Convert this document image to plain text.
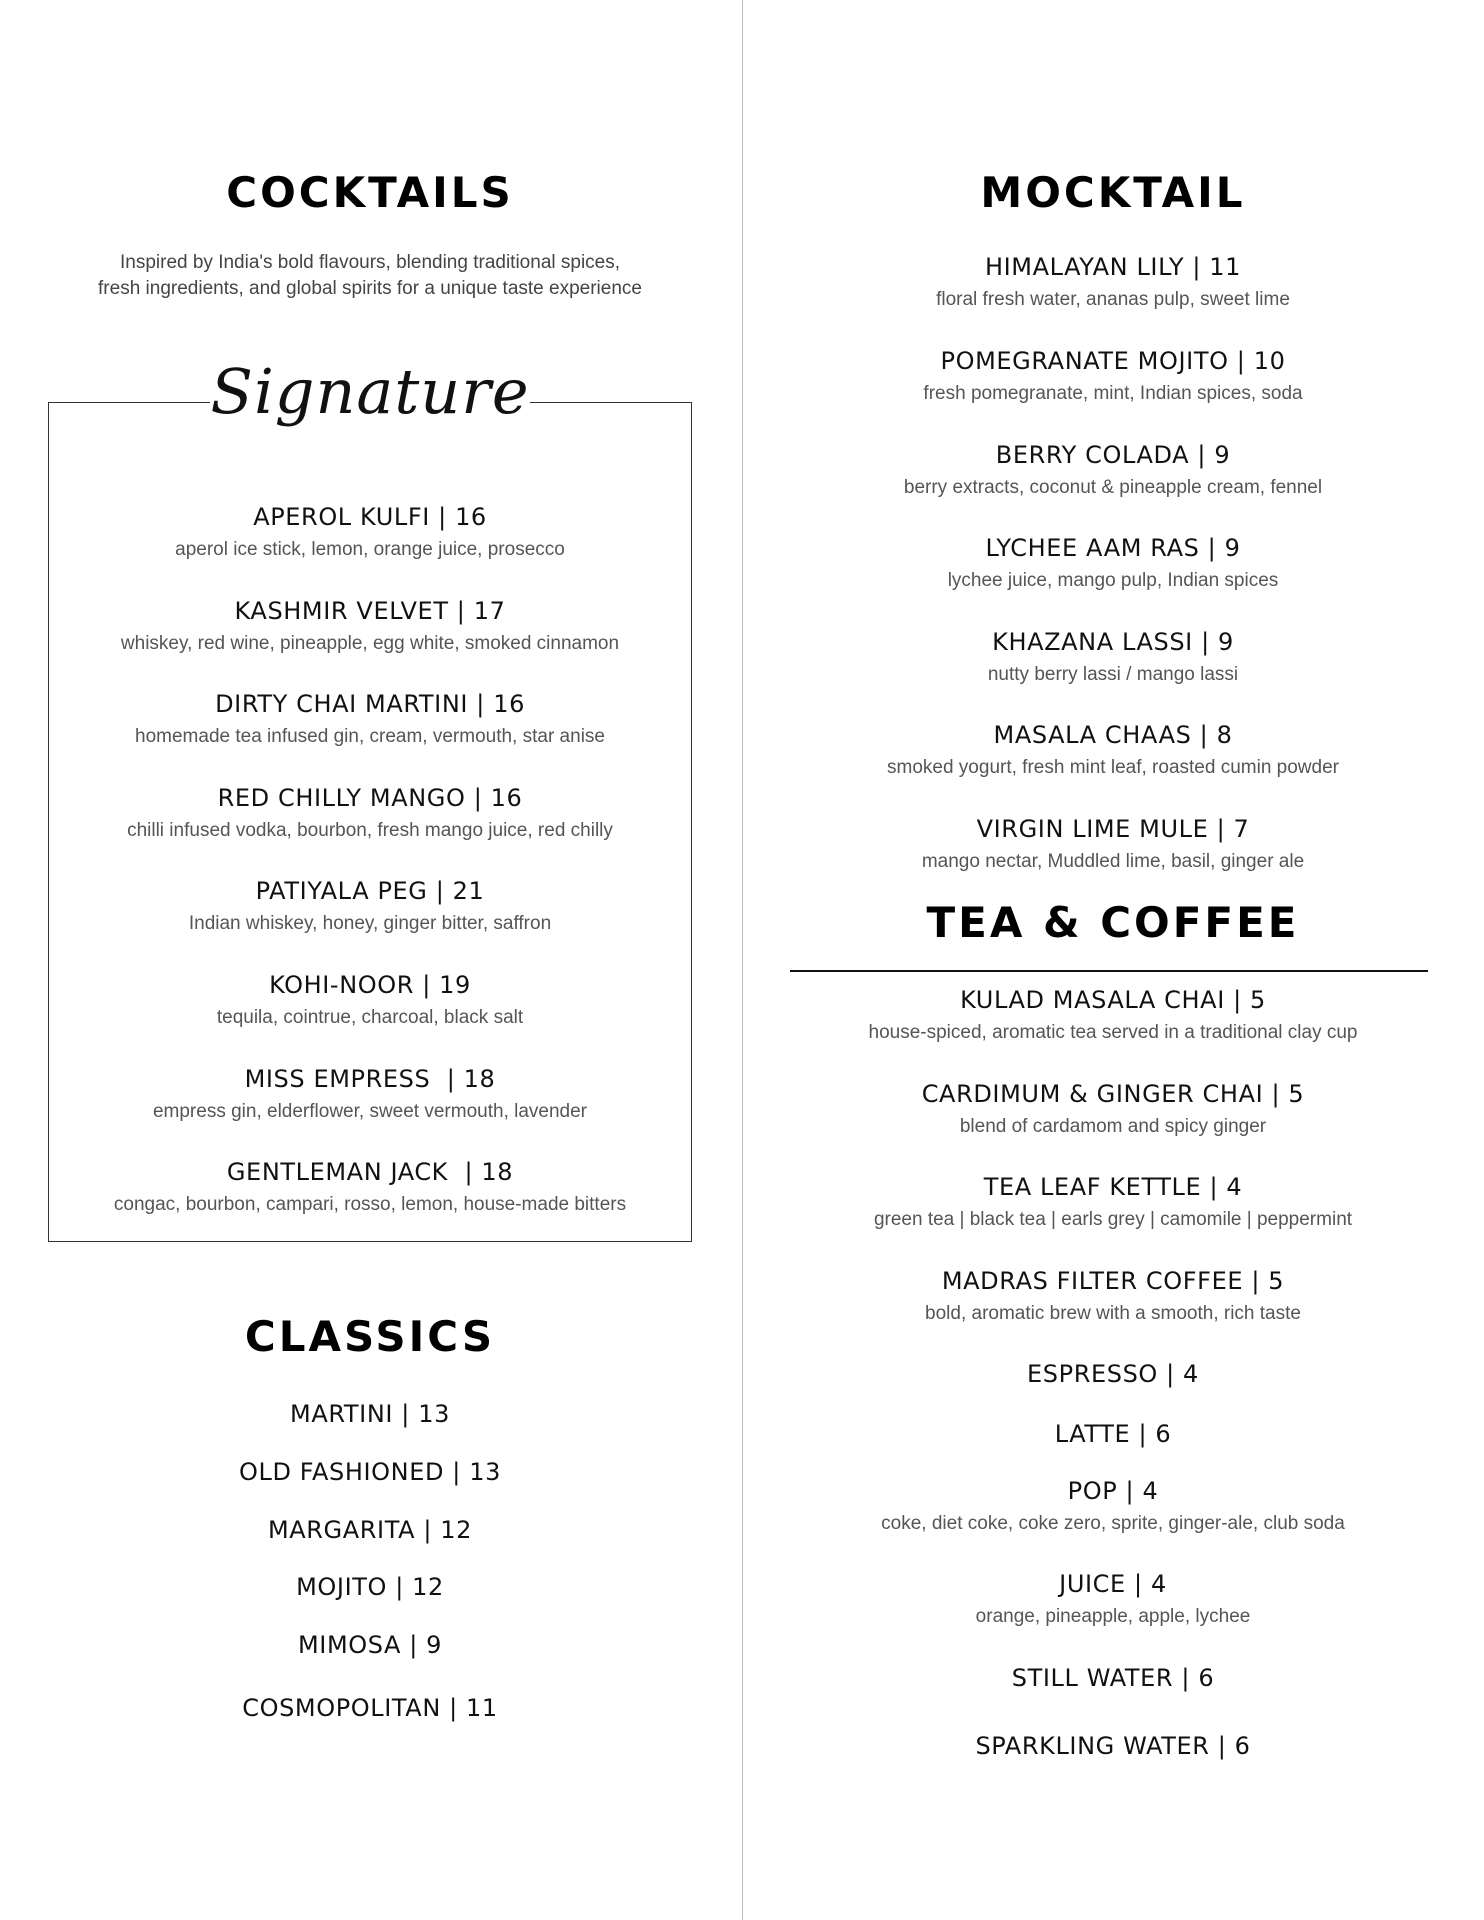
COCKTAILS
Inspired by India's bold flavours, blending traditional spices,
fresh ingredients, and global spirits for a unique taste experience
Signature
APEROL KULFI | 16
aperol ice stick, lemon, orange juice, prosecco
KASHMIR VELVET | 17
whiskey, red wine, pineapple, egg white, smoked cinnamon
DIRTY CHAI MARTINI | 16
homemade tea infused gin, cream, vermouth, star anise
RED CHILLY MANGO | 16
chilli infused vodka, bourbon, fresh mango juice, red chilly
PATIYALA PEG | 21
Indian whiskey, honey, ginger bitter, saffron
KOHI-NOOR | 19
tequila, cointrue, charcoal, black salt
MISS EMPRESS  | 18
empress gin, elderflower, sweet vermouth, lavender
GENTLEMAN JACK  | 18
congac, bourbon, campari, rosso, lemon, house-made bitters
CLASSICS
MARTINI | 13
OLD FASHIONED | 13
MARGARITA | 12
MOJITO | 12
MIMOSA | 9
COSMOPOLITAN | 11
MOCKTAIL
HIMALAYAN LILY | 11
floral fresh water, ananas pulp, sweet lime
POMEGRANATE MOJITO | 10
fresh pomegranate, mint, Indian spices, soda
BERRY COLADA | 9
berry extracts, coconut & pineapple cream, fennel
LYCHEE AAM RAS | 9
lychee juice, mango pulp, Indian spices
KHAZANA LASSI | 9
nutty berry lassi / mango lassi
MASALA CHAAS | 8
smoked yogurt, fresh mint leaf, roasted cumin powder
VIRGIN LIME MULE | 7
mango nectar, Muddled lime, basil, ginger ale
TEA & COFFEE
KULAD MASALA CHAI | 5
house-spiced, aromatic tea served in a traditional clay cup
CARDIMUM & GINGER CHAI | 5
blend of cardamom and spicy ginger
TEA LEAF KETTLE | 4
green tea | black tea | earls grey | camomile | peppermint
MADRAS FILTER COFFEE | 5
bold, aromatic brew with a smooth, rich taste
ESPRESSO | 4
LATTE | 6
POP | 4
coke, diet coke, coke zero, sprite, ginger-ale, club soda
JUICE | 4
orange, pineapple, apple, lychee
STILL WATER | 6
SPARKLING WATER | 6
